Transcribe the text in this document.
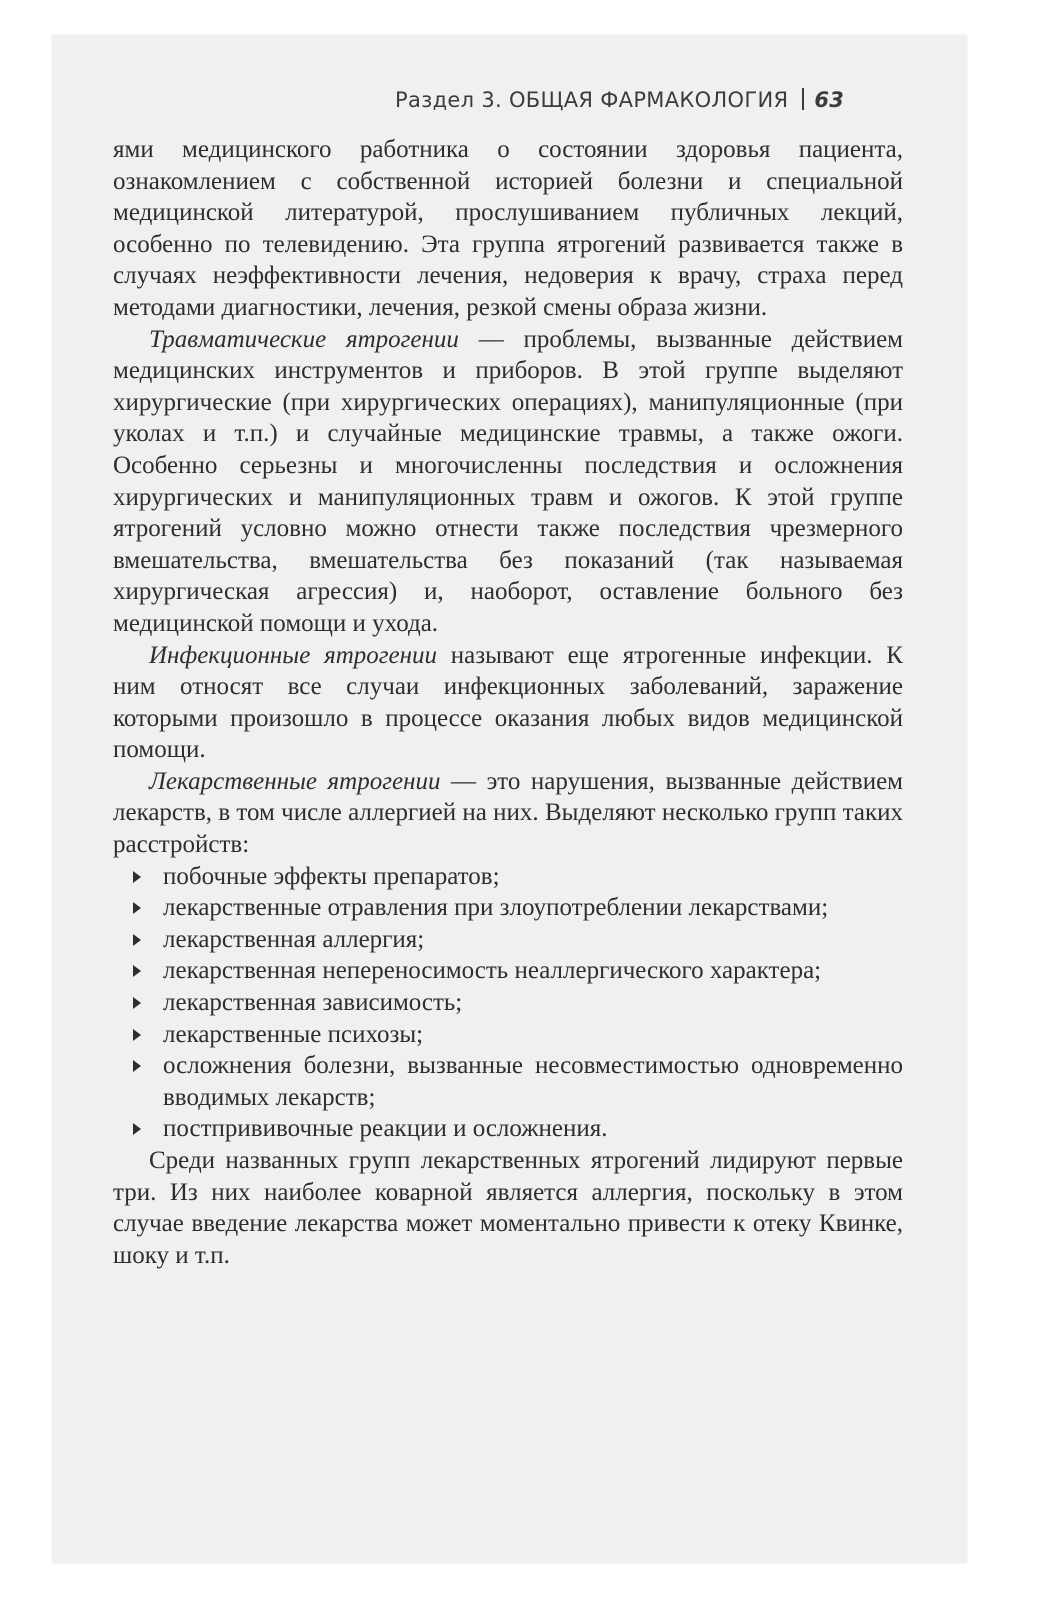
Раздел 3. ОБЩАЯ ФАРМАКОЛОГИЯ 63

ями медицинского работника о состоянии здоровья пациента, ознакомлением с собственной историей болезни и специальной медицинской литературой, прослушиванием публичных лекций, особенно по телевидению. Эта группа ятрогений развивается также в случаях неэффективности лечения, недоверия к врачу, страха перед методами диагностики, лечения, резкой смены образа жизни.

Травматические ятрогении — проблемы, вызванные действием медицинских инструментов и приборов. В этой группе выделяют хирургические (при хирургических операциях), манипуляционные (при уколах и т.п.) и случайные медицинские травмы, а также ожоги. Особенно серьезны и многочисленны последствия и осложнения хирургических и манипуляционных травм и ожогов. К этой группе ятрогений условно можно отнести также последствия чрезмерного вмешательства, вмешательства без показаний (так называемая хирургическая агрессия) и, наоборот, оставление больного без медицинской помощи и ухода.

Инфекционные ятрогении называют еще ятрогенные инфекции. К ним относят все случаи инфекционных заболеваний, заражение которыми произошло в процессе оказания любых видов медицинской помощи.

Лекарственные ятрогении — это нарушения, вызванные действием лекарств, в том числе аллергией на них. Выделяют несколько групп таких расстройств:

побочные эффекты препаратов;
лекарственные отравления при злоупотреблении лекарствами;
лекарственная аллергия;
лекарственная непереносимость неаллергического характера;
лекарственная зависимость;
лекарственные психозы;
осложнения болезни, вызванные несовместимостью одновременно вводимых лекарств;
постпрививочные реакции и осложнения.

Среди названных групп лекарственных ятрогений лидируют первые три. Из них наиболее коварной является аллергия, поскольку в этом случае введение лекарства может моментально привести к отеку Квинке, шоку и т.п.
